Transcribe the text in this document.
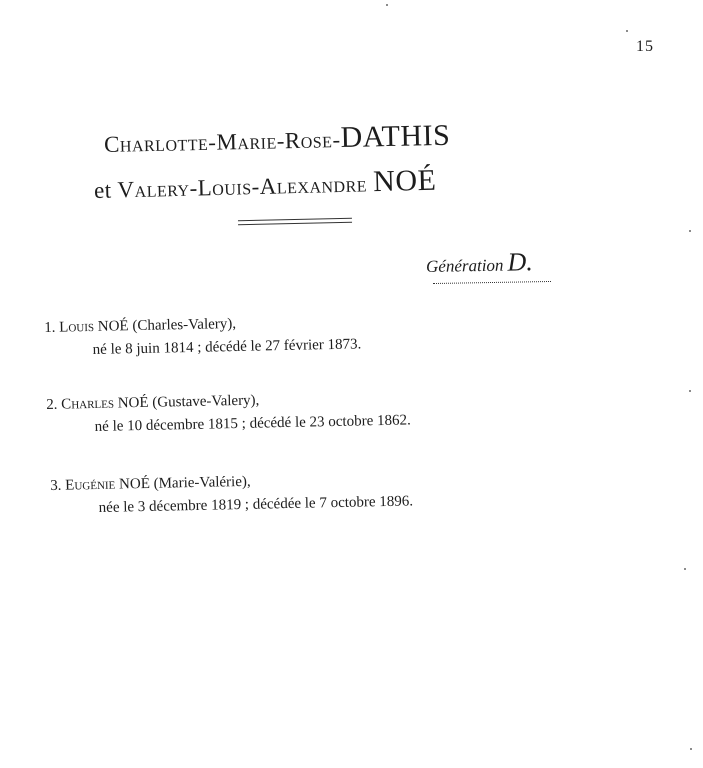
15
Charlotte-Marie-Rose-DATHIS
et Valery-Louis-Alexandre NOÉ
Génération D.
1. Louis NOÉ (Charles-Valery),
né le 8 juin 1814 ; décédé le 27 février 1873.
2. Charles NOÉ (Gustave-Valery),
né le 10 décembre 1815 ; décédé le 23 octobre 1862.
3. Eugénie NOÉ (Marie-Valérie),
née le 3 décembre 1819 ; décédée le 7 octobre 1896.
